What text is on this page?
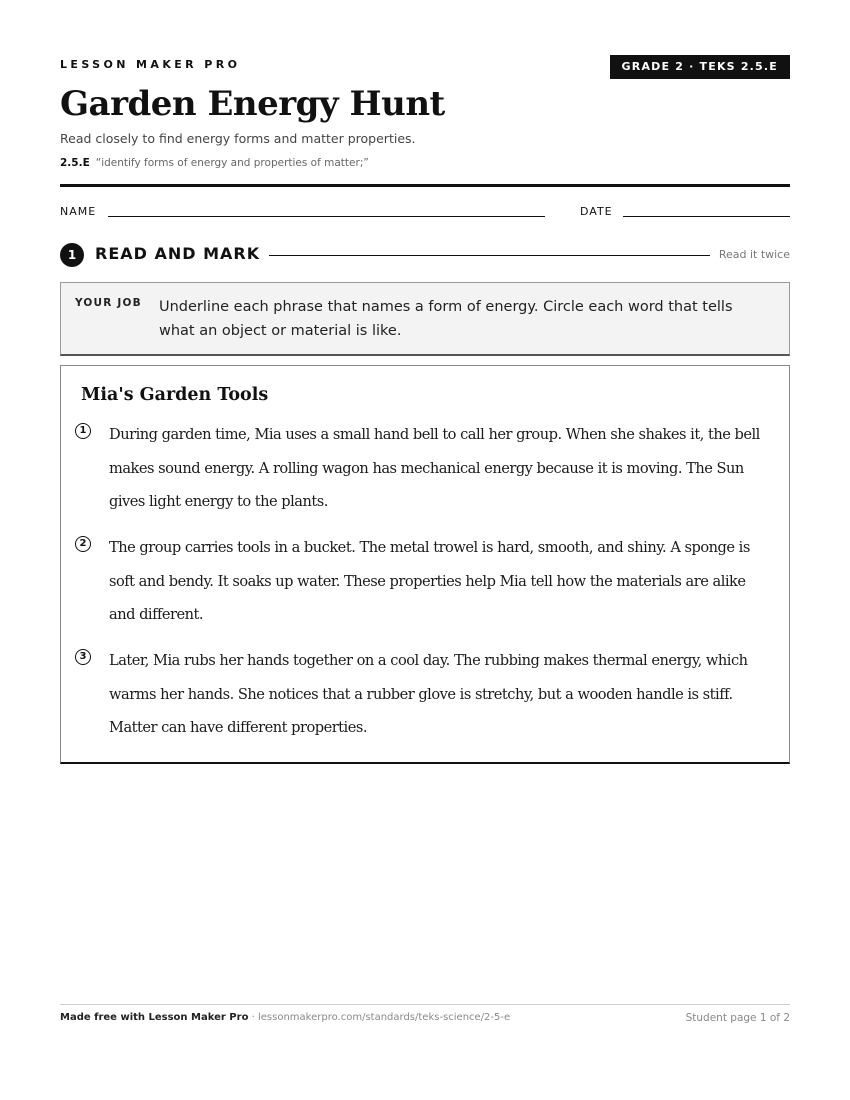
LESSON MAKER PRO	GRADE 2 · TEKS 2.5.E
Garden Energy Hunt
Read closely to find energy forms and matter properties.
2.5.E “identify forms of energy and properties of matter;”
NAME	DATE
1	READ AND MARK	Read it twice
YOUR JOB Underline each phrase that names a form of energy. Circle each word that tells what an object or material is like.
Mia's Garden Tools
1	During garden time, Mia uses a small hand bell to call her group. When she shakes it, the bell makes sound energy. A rolling wagon has mechanical energy because it is moving. The Sun gives light energy to the plants.

2	The group carries tools in a bucket. The metal trowel is hard, smooth, and shiny. A sponge is soft and bendy. It soaks up water. These properties help Mia tell how the materials are alike and different.

3	Later, Mia rubs her hands together on a cool day. The rubbing makes thermal energy, which warms her hands. She notices that a rubber glove is stretchy, but a wooden handle is stiff. Matter can have different properties.

Made free with Lesson Maker Pro · lessonmakerpro.com/standards/teks-science/2-5-e	Student page 1 of 2
